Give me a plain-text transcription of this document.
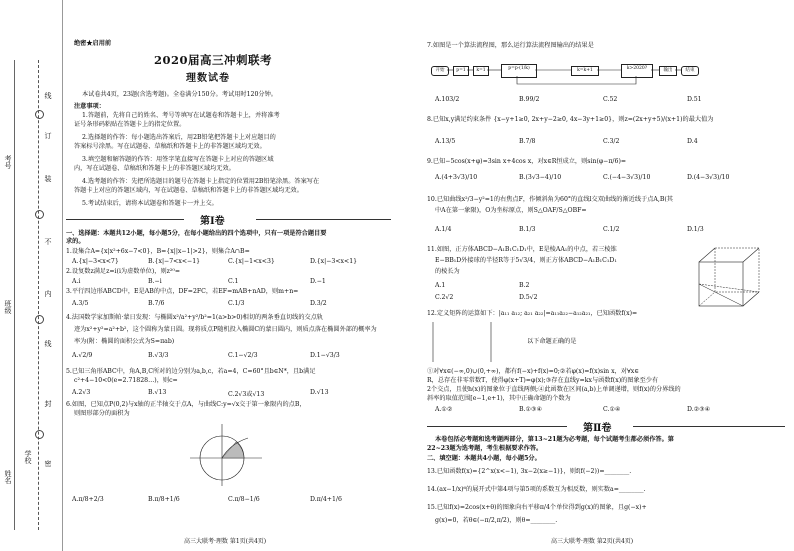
考号
班级
姓名
学校
线
订
装
不
内
线
封
密
绝密★启用前
2020届高三冲刺联考
理数试卷
本试卷共4页，23题(含选考题)。全卷满分150分。考试用时120分钟。
注意事项：
1.答题前，先将自己的姓名、考号等填写在试题卷和答题卡上，并将准考
证号条形码粘贴在答题卡上的指定位置。
2.选择题的作答：每小题选出答案后，用2B铅笔把答题卡上对应题目的
答案标号涂黑。写在试题卷、草稿纸和答题卡上的非答题区域均无效。
3.填空题和解答题的作答：用签字笔直接写在答题卡上对应的答题区域
内，写在试题卷、草稿纸和答题卡上的非答题区域均无效。
4.选考题的作答：先把所选题目的题号在答题卡上指定的位置用2B铅笔涂黑。答案写在
答题卡上对应的答题区域内，写在试题卷、草稿纸和答题卡上的非答题区域均无效。
5.考试结束后，请将本试题卷和答题卡一并上交。
第Ⅰ卷
一、选择题：本题共12小题，每小题5分，在每小题给出的四个选项中，只有一项是符合题目要
求的。
1.设集合A={x|x²+6x−7<0}，B={x||x−1|>2}，则集合A∩B=
A.{x|−3<x<7}	B.{x|−7<x<−1}	C.{x|−1<x<3}	D.{x|−3<x<1}
2.设复数z满足z=i(i为虚数单位)，则z²⁰=
A.i	B.−i	C.1	D.−1
3.平行四边形ABCD中，E是AB的中点，DF=2FC，若EF=mAB+nAD，则m+n=
A.3/5	B.7/6	C.1/3	D.3/2
4.法国数学家加斯帕·蒙日发现：与椭圆x²/a²+y²/b²=1(a>b>0)相切的两条垂直切线的交点轨
迹为x²+y²=a²+b²，这个圆称为蒙日圆。现将质点P随机投入椭圆C的蒙日圆内，则质点落在椭圆外部的概率为
率为(附：椭圆的面积公式为S=πab)
A.√2/9	B.√3/3	C.1−√2/3	D.1−√3/3
5.已知三角形ABC中，角A,B,C所对的边分别为a,b,c，若a=4，C=60°且b∈N*，且b满足
c²+4−10<0(e=2.71828…)，则c=
A.2√3	B.√13	C.2√3或√13	D.√13
6.如图，已知点P(0,2)与x轴的正半轴交于点A，与曲线C:y=√x交于第一象限内的点B，
则图形部分的面积为
A.π/8+2/3	B.π/8+1/6	C.π/8−1/6	D.π/4+1/6
高三大联考·理数 第1页(共4页)
7.如图是一个算法流程图，那么运行算法流程图输出的结果是
开始	p=1	k=1	p=p·(1/k)	k=k+1	k>2020?	输出	结束
A.103/2	B.99/2	C.52	D.51
8.已知x,y满足约束条件 {x−y+1≥0, 2x+y−2≥0, 4x−3y+1≥0}，则z=(2x+y+5)/(x+1)的最大值为
A.13/5	B.7/8	C.3/2	D.4
9.已知−5cos(x+φ)=3sin x+4cos x，对x∈R恒成立，则sin(φ−π/6)=
A.(4+3√3)/10	B.(3√3−4)/10	C.(−4−3√3)/10	D.(4−3√3)/10
10.已知曲线x²/3−y²=1的右焦点F，作倾斜角为60°的直线l交双曲线的渐近线于点A,B(其
中A在第一象限)，O为坐标原点，则S△OAF/S△OBF=
A.1/4	B.1/3	C.1/2	D.1/3
11.如图，正方体ABCD−A₁B₁C₁D₁中，E是棱AA₁的中点，若三棱锥
E−BB₁D外接球的半径R等于5√3/4，则正方体ABCD−A₁B₁C₁D₁
的棱长为
A.1	B.2
C.2√2	D.5√2
12.定义矩阵的运算如下：|a₁₁ a₁₂; a₂₁ a₂₂|=a₁₁a₂₂−a₁₂a₂₁，已知函数f(x)=
以下命题正确的是
①对∀x∈(−∞,0)∪(0,+∞)，都有f(−x)+f(x)=0;②若φ(x)=f(x)sin x，对∀x∈
R，总存在非零常数T，使得φ(x+T)=φ(x);③存在直线y=kx与函数f(x)的图象至少有
2个交点，且使h(x)的图象位于直线两侧;④此函数在区间(a,b)上单调递增，则f(x)的分界线的
斜率的取值范围[e−1,e+1)，其中正确命题的个数为
A.①②	B.①③④	C.①④	D.②③④
第Ⅱ卷
本卷包括必考题和选考题两部分，第13~21题为必考题，每个试题考生都必须作答。第
22~23题为选考题，考生根据要求作答。
二、填空题：本题共4小题，每小题5分。
13.已知函数f(x)={2^x(x<−1), 3x−2(x≥−1)}，则f(f(−2))=________.
14.(ax−1/x)⁶的展开式中第4项与第5项的系数互为相反数，则实数a=________.
15.已知f(x)=2cos(x+θ)的图象向右平移π/4个单位得到g(x)的图象，且g(−x)+
g(x)=0，若θ∈(−π/2,π/2)，则θ=________.
高三大联考·理数 第2页(共4页)
